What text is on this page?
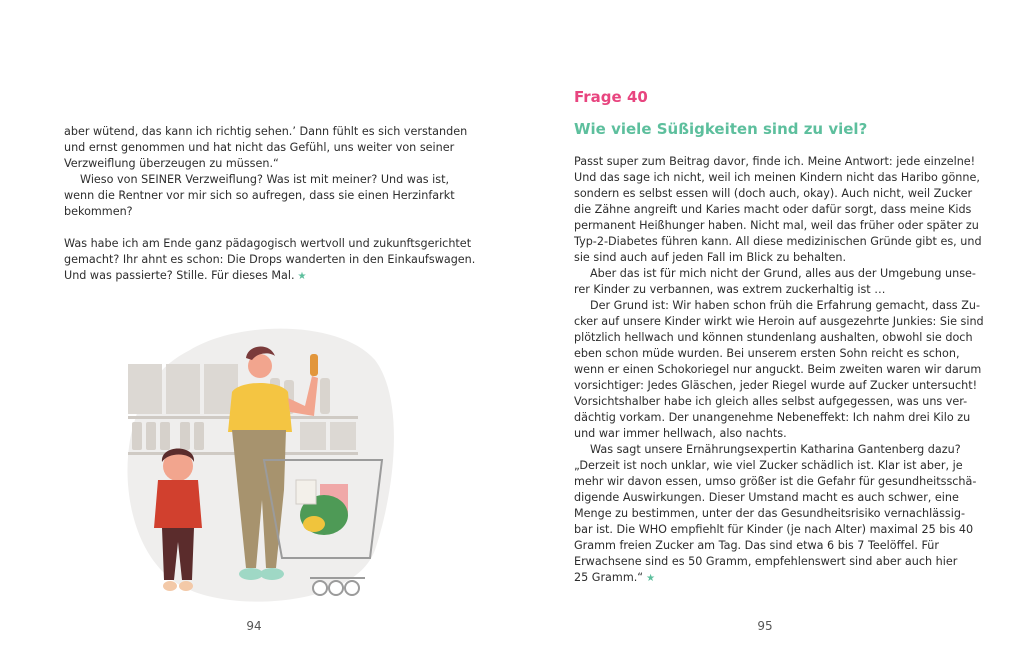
aber wütend, das kann ich richtig sehen.’ Dann fühlt es sich verstanden

und ernst genommen und hat nicht das Gefühl, uns weiter von seiner

Verzweiflung überzeugen zu müssen.“

Wieso von SEINER Verzweiflung? Was ist mit meiner? Und was ist,

wenn die Rentner vor mir sich so aufregen, dass sie einen Herzinfarkt

bekommen?

Was habe ich am Ende ganz pädagogisch wertvoll und zukunftsgerichtet

gemacht? Ihr ahnt es schon: Die Drops wanderten in den Einkaufswagen.

Und was passierte? Stille. Für dieses Mal. ★

94
Frage 40
Wie viele Süßigkeiten sind zu viel?

Passt super zum Beitrag davor, finde ich. Meine Antwort: jede einzelne!

Und das sage ich nicht, weil ich meinen Kindern nicht das Haribo gönne,

sondern es selbst essen will (doch auch, okay). Auch nicht, weil Zucker

die Zähne angreift und Karies macht oder dafür sorgt, dass meine Kids

permanent Heißhunger haben. Nicht mal, weil das früher oder später zu

Typ-2-Diabetes führen kann. All diese medizinischen Gründe gibt es, und

sie sind auch auf jeden Fall im Blick zu behalten.

Aber das ist für mich nicht der Grund, alles aus der Umgebung unse-

rer Kinder zu verbannen, was extrem zuckerhaltig ist …

Der Grund ist: Wir haben schon früh die Erfahrung gemacht, dass Zu-

cker auf unsere Kinder wirkt wie Heroin auf ausgezehrte Junkies: Sie sind

plötzlich hellwach und können stundenlang aushalten, obwohl sie doch

eben schon müde wurden. Bei unserem ersten Sohn reicht es schon,

wenn er einen Schokoriegel nur anguckt. Beim zweiten waren wir darum

vorsichtiger: Jedes Gläschen, jeder Riegel wurde auf Zucker untersucht!

Vorsichtshalber habe ich gleich alles selbst aufgegessen, was uns ver-

dächtig vorkam. Der unangenehme Nebeneffekt: Ich nahm drei Kilo zu

und war immer hellwach, also nachts.

Was sagt unsere Ernährungsexpertin Katharina Gantenberg dazu?

„Derzeit ist noch unklar, wie viel Zucker schädlich ist. Klar ist aber, je

mehr wir davon essen, umso größer ist die Gefahr für gesundheitsschä-

digende Auswirkungen. Dieser Umstand macht es auch schwer, eine

Menge zu bestimmen, unter der das Gesundheitsrisiko vernachlässig-

bar ist. Die WHO empfiehlt für Kinder (je nach Alter) maximal 25 bis 40

Gramm freien Zucker am Tag. Das sind etwa 6 bis 7 Teelöffel. Für

Erwachsene sind es 50 Gramm, empfehlenswert sind aber auch hier

25 Gramm.“ ★

95
